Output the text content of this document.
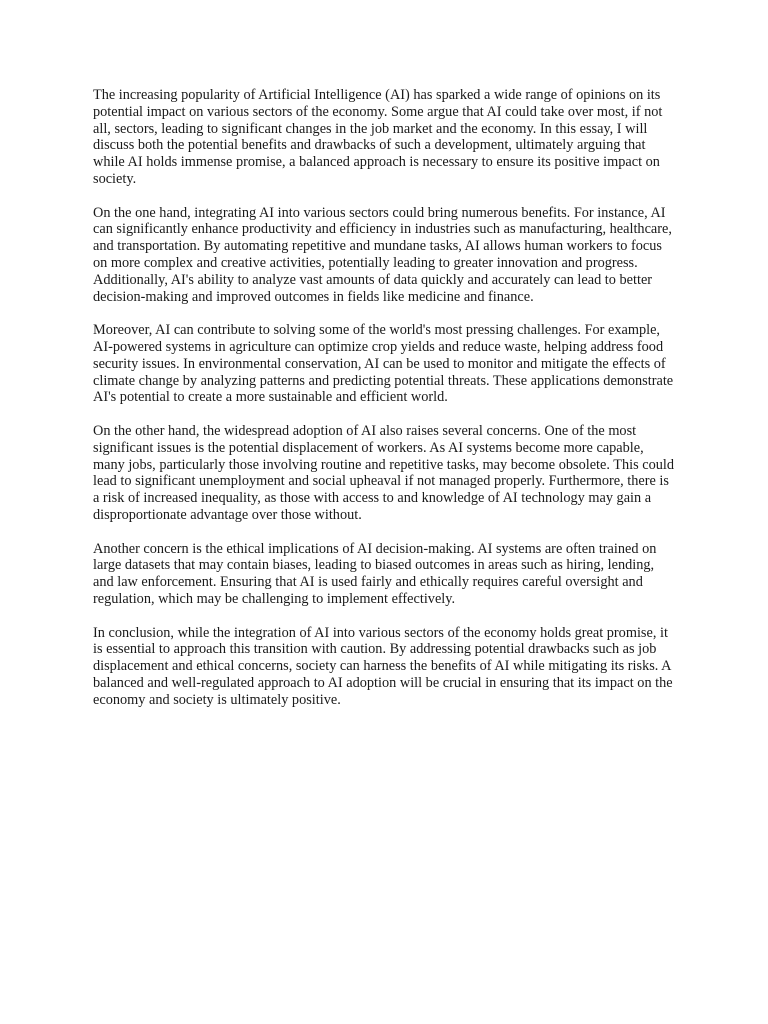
The increasing popularity of Artificial Intelligence (AI) has sparked a wide range of opinions on its potential impact on various sectors of the economy. Some argue that AI could take over most, if not all, sectors, leading to significant changes in the job market and the economy. In this essay, I will discuss both the potential benefits and drawbacks of such a development, ultimately arguing that while AI holds immense promise, a balanced approach is necessary to ensure its positive impact on society.

On the one hand, integrating AI into various sectors could bring numerous benefits. For instance, AI can significantly enhance productivity and efficiency in industries such as manufacturing, healthcare, and transportation. By automating repetitive and mundane tasks, AI allows human workers to focus on more complex and creative activities, potentially leading to greater innovation and progress. Additionally, AI's ability to analyze vast amounts of data quickly and accurately can lead to better decision-making and improved outcomes in fields like medicine and finance.

Moreover, AI can contribute to solving some of the world's most pressing challenges. For example, AI-powered systems in agriculture can optimize crop yields and reduce waste, helping address food security issues. In environmental conservation, AI can be used to monitor and mitigate the effects of climate change by analyzing patterns and predicting potential threats. These applications demonstrate AI's potential to create a more sustainable and efficient world.

On the other hand, the widespread adoption of AI also raises several concerns. One of the most significant issues is the potential displacement of workers. As AI systems become more capable, many jobs, particularly those involving routine and repetitive tasks, may become obsolete. This could lead to significant unemployment and social upheaval if not managed properly. Furthermore, there is a risk of increased inequality, as those with access to and knowledge of AI technology may gain a disproportionate advantage over those without.

Another concern is the ethical implications of AI decision-making. AI systems are often trained on large datasets that may contain biases, leading to biased outcomes in areas such as hiring, lending, and law enforcement. Ensuring that AI is used fairly and ethically requires careful oversight and regulation, which may be challenging to implement effectively.

In conclusion, while the integration of AI into various sectors of the economy holds great promise, it is essential to approach this transition with caution. By addressing potential drawbacks such as job displacement and ethical concerns, society can harness the benefits of AI while mitigating its risks. A balanced and well-regulated approach to AI adoption will be crucial in ensuring that its impact on the economy and society is ultimately positive.
